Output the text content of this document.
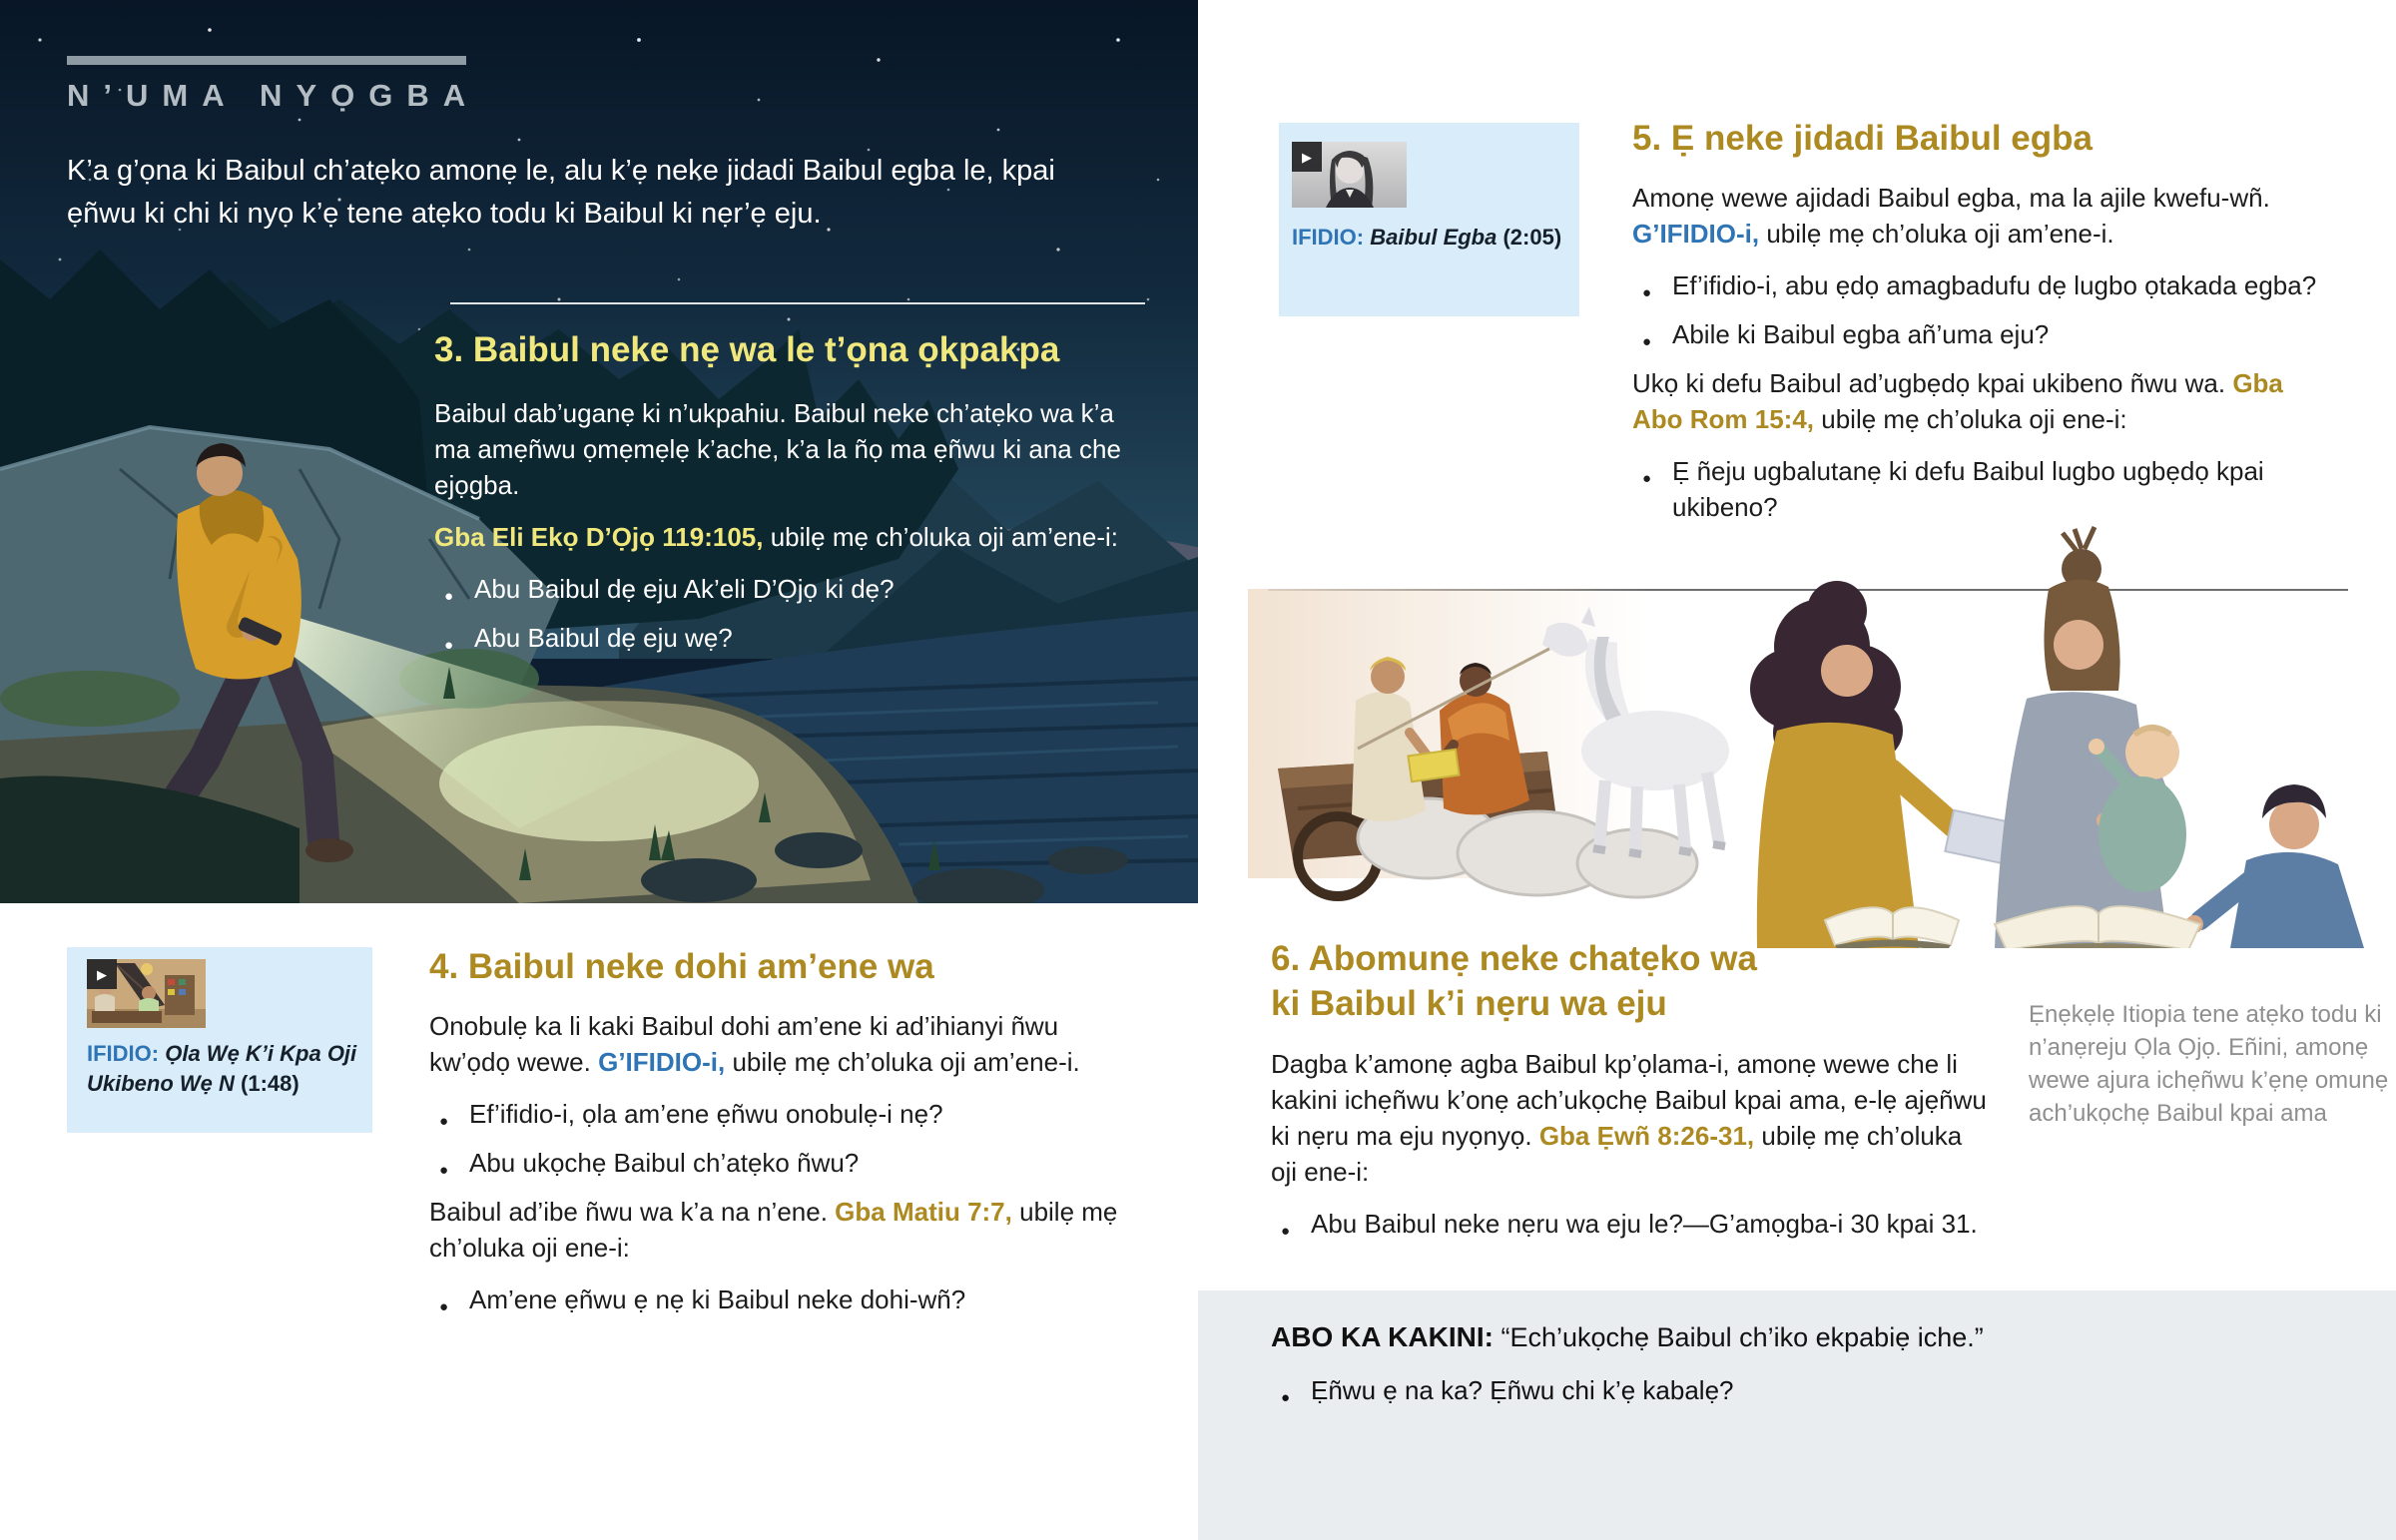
N’UMA NYỌGBA
K’a g’ọna ki Baibul ch’atẹko amonẹ le, alu k’ẹ neke jidadi Baibul egba le, kpai ẹñwu ki chi ki nyọ k’ẹ tene atẹko todu ki Baibul ki nẹr’ẹ eju.
3. Baibul neke nẹ wa le t’ọna ọkpakpa

Baibul dab’uganẹ ki n’ukpahiu. Baibul neke ch’atẹko wa k’a ma amẹñwu ọmẹmẹlẹ k’ache, k’a la ñọ ma ẹñwu ki ana che ejọgba.

Gba Eli Ekọ D’Ọjọ 119:105, ubilẹ mẹ ch’oluka oji am’ene-i:

● Abu Baibul dẹ eju Ak’eli D’Ọjọ ki dẹ?
● Abu Baibul dẹ eju wẹ?
▶
IFIDIO: Ọla Wẹ K’i Kpa Oji Ukibeno Wẹ N (1:48)
4. Baibul neke dohi am’ene wa

Onobulẹ ka li kaki Baibul dohi am’ene ki ad’ihianyi ñwu kw’ọdọ wewe. G’IFIDIO-i, ubilẹ mẹ ch’oluka oji am’ene-i.

● Ef’ifidio-i, ọla am’ene ẹñwu onobulẹ-i nẹ?
● Abu ukọchẹ Baibul ch’atẹko ñwu?

Baibul ad’ibe ñwu wa k’a na n’ene. Gba Matiu 7:7, ubilẹ mẹ ch’oluka oji ene-i:

● Am’ene ẹñwu ẹ nẹ ki Baibul neke dohi-wñ?
▶
IFIDIO: Baibul Egba (2:05)
5. Ẹ neke jidadi Baibul egba

Amonẹ wewe ajidadi Baibul egba, ma la ajile kwefu-wñ. G’IFIDIO-i, ubilẹ mẹ ch’oluka oji am’ene-i.

● Ef’ifidio-i, abu ẹdọ amagbadufu dẹ lugbo ọtakada egba?
● Abile ki Baibul egba añ’uma eju?

Ukọ ki defu Baibul ad’ugbẹdọ kpai ukibeno ñwu wa. Gba Abo Rom 15:4, ubilẹ mẹ ch’oluka oji ene-i:

● Ẹ ñeju ugbalutanẹ ki defu Baibul lugbo ugbẹdọ kpai ukibeno?
6. Abomunẹ neke chatẹko wa
ki Baibul k’i nẹru wa eju

Dagba k’amonẹ agba Baibul kp’ọlama-i, amonẹ wewe che li kakini ichẹñwu k’onẹ ach’ukọchẹ Baibul kpai ama, e-lẹ ajẹñwu ki nẹru ma eju nyọnyọ. Gba Ẹwñ 8:26-31, ubilẹ mẹ ch’oluka oji ene-i:

● Abu Baibul neke nẹru wa eju le?—G’amọgba-i 30 kpai 31.
Ẹnẹkẹlẹ Itiopia tene atẹko todu ki n’anẹreju Ọla Ọjọ. Eñini, amonẹ wewe ajura ichẹñwu k’ẹnẹ omunẹ ach’ukọchẹ Baibul kpai ama
ABO KA KAKINI: “Ech’ukọchẹ Baibul ch’iko ekpabiẹ iche.”
● Ẹñwu ẹ na ka? Ẹñwu chi k’ẹ kabalẹ?
